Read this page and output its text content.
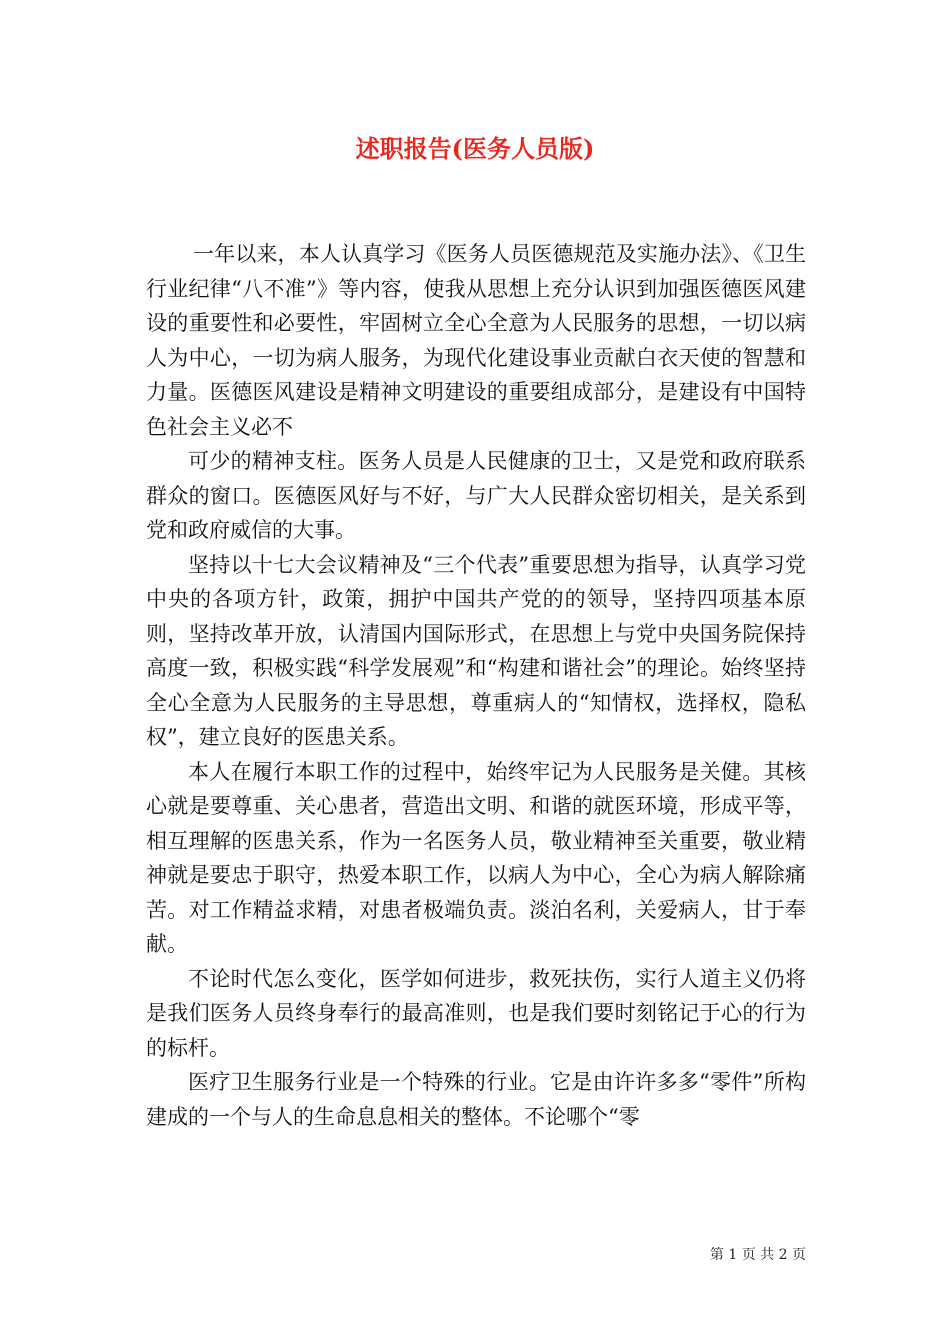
述职报告(医务人员版)

一年以来，本人认真学习《医务人员医德规范及实施办法》、《卫生行业纪律“八不准”》等内容，使我从思想上充分认识到加强医德医风建设的重要性和必要性，牢固树立全心全意为人民服务的思想，一切以病人为中心，一切为病人服务，为现代化建设事业贡献白衣天使的智慧和力量。医德医风建设是精神文明建设的重要组成部分，是建设有中国特色社会主义必不

可少的精神支柱。医务人员是人民健康的卫士，又是党和政府联系群众的窗口。医德医风好与不好，与广大人民群众密切相关，是关系到党和政府威信的大事。

坚持以十七大会议精神及“三个代表”重要思想为指导，认真学习党中央的各项方针，政策，拥护中国共产党的的领导，坚持四项基本原则，坚持改革开放，认清国内国际形式，在思想上与党中央国务院保持高度一致，积极实践“科学发展观”和“构建和谐社会”的理论。始终坚持全心全意为人民服务的主导思想，尊重病人的“知情权，选择权，隐私权”，建立良好的医患关系。

本人在履行本职工作的过程中，始终牢记为人民服务是关健。其核心就是要尊重、关心患者，营造出文明、和谐的就医环境，形成平等，相互理解的医患关系，作为一名医务人员，敬业精神至关重要，敬业精神就是要忠于职守，热爱本职工作，以病人为中心，全心为病人解除痛苦。对工作精益求精，对患者极端负责。淡泊名利，关爱病人，甘于奉献。

不论时代怎么变化，医学如何进步，救死扶伤，实行人道主义仍将是我们医务人员终身奉行的最高准则，也是我们要时刻铭记于心的行为的标杆。

医疗卫生服务行业是一个特殊的行业。它是由许许多多“零件”所构建成的一个与人的生命息息相关的整体。不论哪个“零

第 1 页 共 2 页
